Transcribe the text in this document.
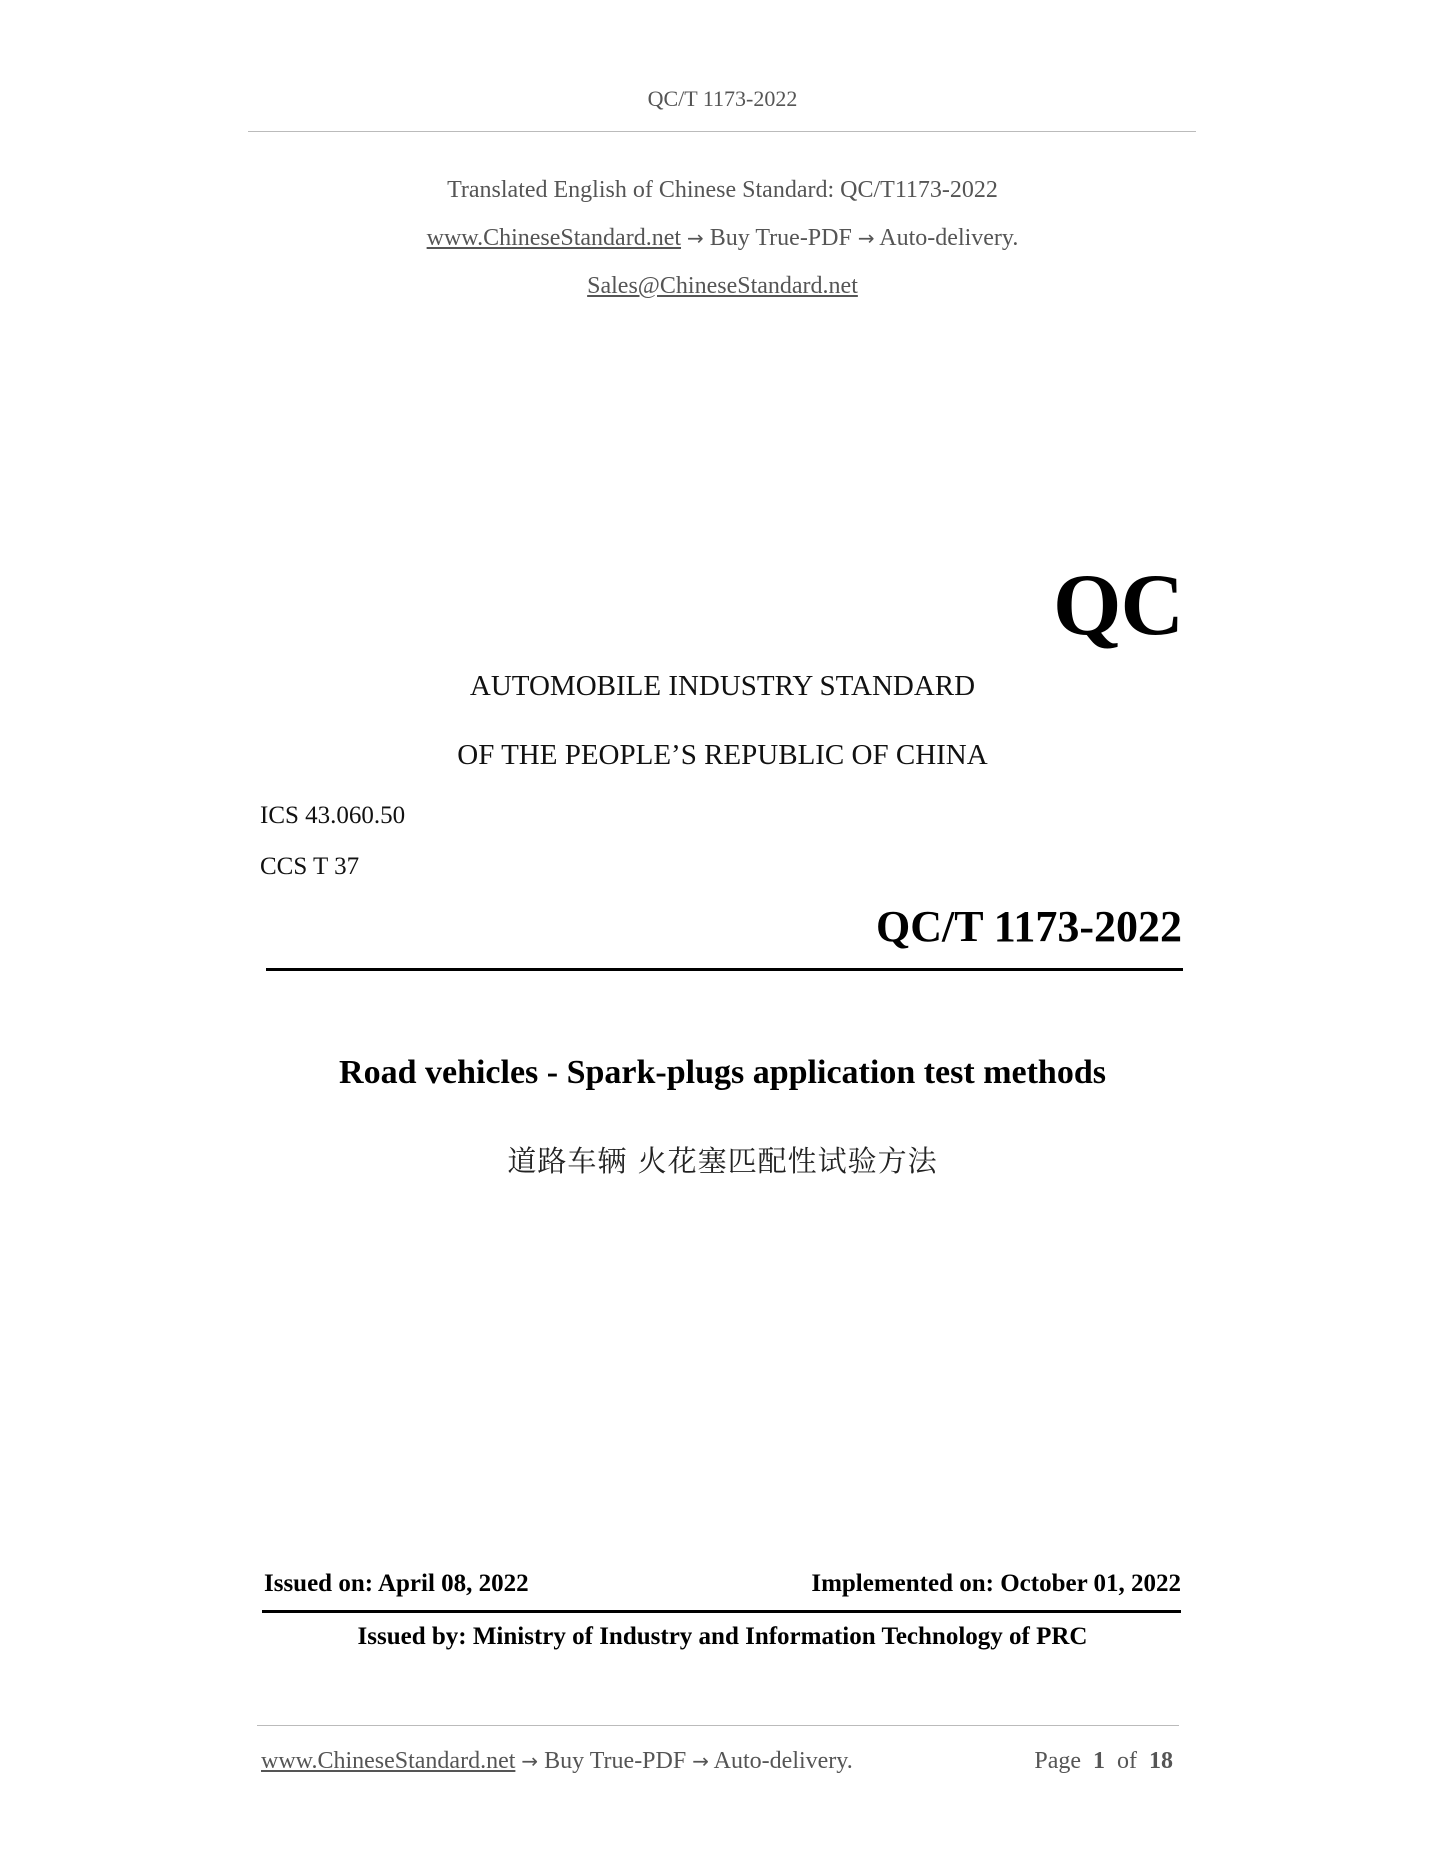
QC/T 1173-2022
Translated English of Chinese Standard: QC/T1173-2022
www.ChineseStandard.net → Buy True-PDF → Auto-delivery.
Sales@ChineseStandard.net
QC
AUTOMOBILE INDUSTRY STANDARD
OF THE PEOPLE’S REPUBLIC OF CHINA
ICS 43.060.50
CCS T 37
QC/T 1173-2022
Road vehicles - Spark-plugs application test methods
道路车辆 火花塞匹配性试验方法
Issued on: April 08, 2022	Implemented on: October 01, 2022
Issued by: Ministry of Industry and Information Technology of PRC
www.ChineseStandard.net → Buy True-PDF → Auto-delivery.	Page 1 of 18
